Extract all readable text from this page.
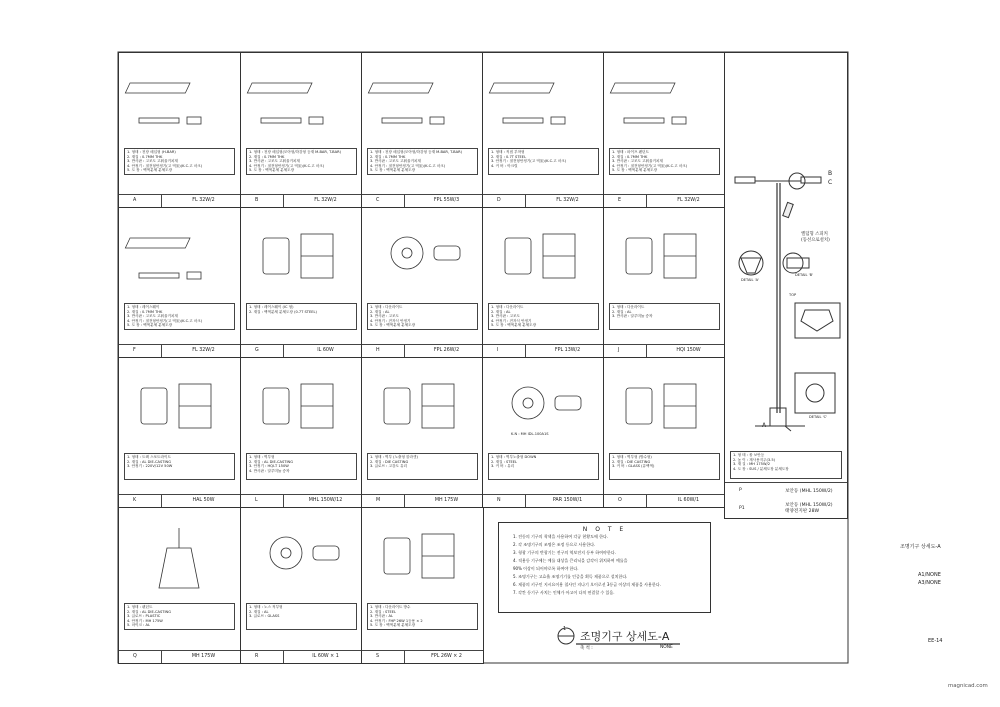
1. 형태 : 천장 매입형 (H-BAR)
2. 재질 : 0.7MM THK
3. 반사판 : 고조도 고휘율거치재
4. 안정기 : 절전형안정기(고 역율)(K.C.고 마크)
5. 도 장 : 백색분체 분체도장
A	FL 32W/2
1. 형태 : 천장 매입형(모아형/하강형 등재 M-BAR, T-BAR)
2. 재질 : 0.7MM THK
3. 반사판 : 고조도 고휘율거치재
4. 안정기 : 절전형안정기(고 역율)(K.C.고 마크)
5. 도 장 : 백색분체 분체도장
B	FL 32W/2
1. 형태 : 천장 매입형(모아형/하강형 등재 M-BAR, T-BAR)
2. 재질 : 0.7MM THK
3. 반사판 : 고조도 고휘율거치재
4. 안정기 : 절전형안정기(고 역율)(K.C.고 마크)
5. 도 장 : 백색분체 분체도장
C	FPL 55W/3
1. 형태 : 직접 부착형
2. 재질 : 0.7T STEEL
3. 안정기 : 절전형안정기(고 역율)(K.C.고 마크)
4. 커 버 : 아크릴
D	FL 32W/2
1. 형태 : 파이프 펜던트
2. 재질 : 0.7MM THK
3. 반사판 : 고조도 고휘율거치재
4. 안정기 : 절전형안정기(고 역율)(K.C.고 마크)
5. 도 장 : 백색분체 분체도장
E	FL 32W/2
1. 형태 : 레이스웨이
2. 재질 : 0.7MM THK
3. 반사판 : 고조도 고휘율거치재
4. 안정기 : 절전형안정기(고 역율)(K.C.고 마크)
5. 도 장 : 백색분체 분체도장
F	FL 32W/2
1. 형태 : 레이스웨이 (IC 형)
2. 재질 : 백색분체 분체도장 (0.7T STEEL)
G	IL 60W
1. 형태 : 다운라이트
2. 재질 : AL
3. 반사판 : 고조도
4. 안정기 : 전자식 안정기
5. 도 장 : 백색분체 분체도장
H	FPL 26W/2
1. 형태 : 다운라이트
2. 재질 : AL
3. 반사판 : 고조도
4. 안정기 : 전자식 안정기
5. 도 장 : 백색분체 분체도장
I	FPL 13W/2
1. 형태 : 다운라이트
2. 재질 : AL
3. 반사판 : 알루미늄 증착
J	HQI 150W
1. 형태 : 트랙 스포트라이트
2. 재질 : AL DIE-CASTING
3. 안정기 : 220V/12V 50W
K	HAL 50W
1. 형태 : 벽부형
2. 재질 : AL DIE-CASTING
3. 안정기 : HQI-T 150W
4. 반사판 : 알루미늄 증착
L	MHL 150W/12
1. 형태 : 벽부 (노출형 블라켓)
2. 재질 : DIE CASTING
3. 글로브 : 고강도 유리
M	MH 175W
1. 형태 : 벽부노출형 DOWN
2. 재질 : STEEL
3. 커 버 : 유리
N	PAR 150W/1
K.N : MH IDL-100A1S
1. 형태 : 벽부형 (방수형)
2. 재질 : DIE CASTING
3. 커 버 : GLASS (유백색)
O	IL 60W/1
1. 형태 : 펜던트
2. 재질 : AL DIE-CASTING
3. 글로브 : PLASTIC
4. 안정기 : MH 175W
5. 마이크 : AL
Q	MH 175W
1. 형태 : 노스 직부형
2. 재질 : AL
3. 글로브 : GLASS
R	IL 60W × 1
1. 형태 : 다운라이트 방수
2. 재질 : STEEL
3. 반사판 : AL
4. 안정기 : FHP 26W 1등용 × 2
5. 도 장 : 백색분체 분체도장
S	FPL 26W × 2
B
C
A
옐덤형 스피커
(동선으로설치)
DETAIL 'A'
DETAIL 'B'
TOP
DETAIL 'C'
1. 형 태 : 폴 보안등
2. 높 이 : 재사용지주(3.5)
3. 재 질 : MH 175W/2
4. 도 장 : SUS / 분체도장 분체도장
P	보안등 (MHL 150W/2)
P1
보안등 (MHL 150W/2)
태양전지판 28W
N O T E
1. 전등의 기구의 착색을 사용하여 각공 현황도에 한다.
2. 각 조명기구의 조명은 조정 등으로 사용한다.
3. 형광 기구의 반광기는 전구의 역보전지 등부 하여야한다.
4. 적용등 기구에는 예를 대상을 큰리닉을 감각이 위치하여 예를을
90% 이상이 되어야로록 하여야 한다.
5. 조명기구는 고효율 조명기기를 인증을 획득 제품으로 설치한다.
6. 제품의 키구인 지시요이용 철사인 지나기 오이로선 3등급 이상의 제품을 사용한다.
7. 각칸 등기구 사치는 인체가 아고이 다치 연결할 수 있음.
1
조명기구 상세도-A
축 척 :	NONE
조명기구 상세도-A
A1/NONE
A3/NONE
EE-14
magnicad.com
